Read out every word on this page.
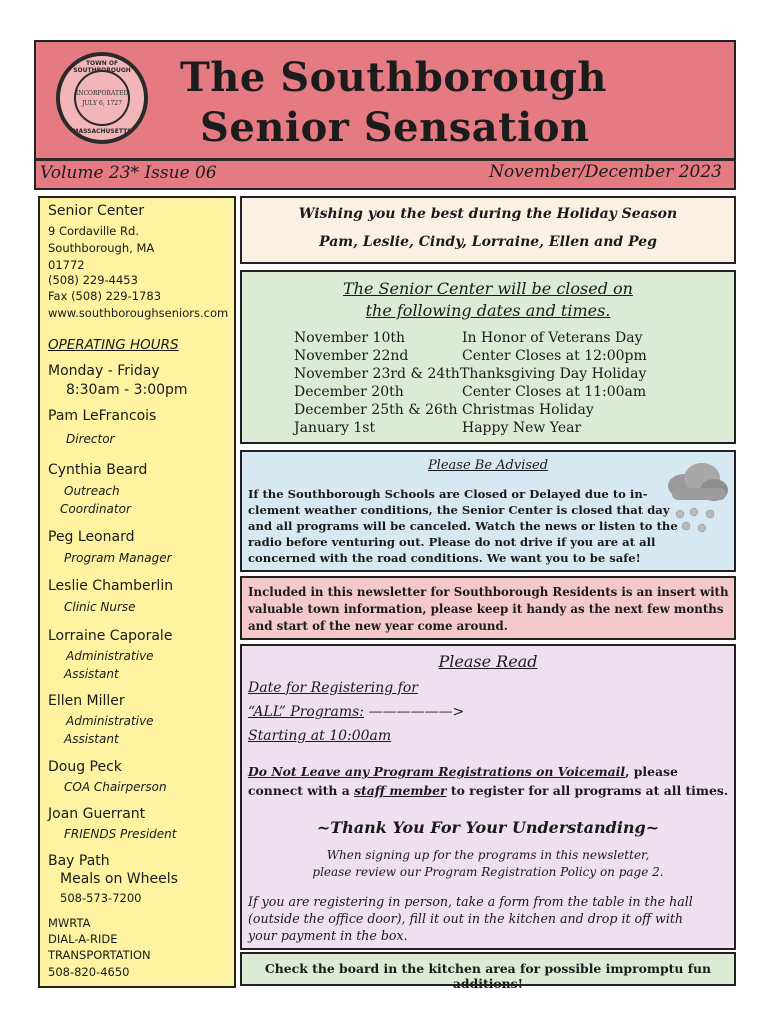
TOWN OF SOUTHBOROUGH
INCORPORATED
JULY 6, 1727
MASSACHUSETTS
The Southborough
Senior Sensation
Volume 23* Issue 06	November/December 2023
Senior Center
9 Cordaville Rd.
Southborough, MA
01772
(508) 229-4453
Fax (508) 229-1783
www.southboroughseniors.com
OPERATING HOURS
Monday - Friday
8:30am - 3:00pm
Pam LeFrancois
Director
Cynthia Beard
Outreach
Coordinator
Peg Leonard
Program Manager
Leslie Chamberlin
Clinic Nurse
Lorraine Caporale
Administrative
Assistant
Ellen Miller
Administrative
Assistant
Doug Peck
COA Chairperson
Joan Guerrant
FRIENDS President
Bay Path
Meals on Wheels
508-573-7200
MWRTA
DIAL-A-RIDE
TRANSPORTATION
508-820-4650
Wishing you the best during the Holiday Season
Pam, Leslie, Cindy, Lorraine, Ellen and Peg
The Senior Center will be closed on
the following dates and times.
November 10th	In Honor of Veterans Day
November 22nd	Center Closes at 12:00pm
November 23rd & 24th Thanksgiving Day Holiday
December 20th	Center Closes at 11:00am
December 25th & 26th Christmas Holiday
January 1st	Happy New Year
Please Be Advised
If the Southborough Schools are Closed or Delayed due to in-clement weather conditions, the Senior Center is closed that day and all programs will be canceled. Watch the news or listen to the radio before venturing out. Please do not drive if you are at all concerned with the road conditions. We want you to be safe!
Included in this newsletter for Southborough Residents is an insert with valuable town information, please keep it handy as the next few months and start of the new year come around.
Please Read
Date for Registering for
“ALL” Programs: ——————>
Starting at 10:00am
Do Not Leave any Program Registrations on Voicemail, please
connect with a staff member to register for all programs at all times.
~Thank You For Your Understanding~
When signing up for the programs in this newsletter,
please review our Program Registration Policy on page 2.
If you are registering in person, take a form from the table in the hall
(outside the office door), fill it out in the kitchen and drop it off with
your payment in the box.
Check the board in the kitchen area for possible impromptu fun additions!
